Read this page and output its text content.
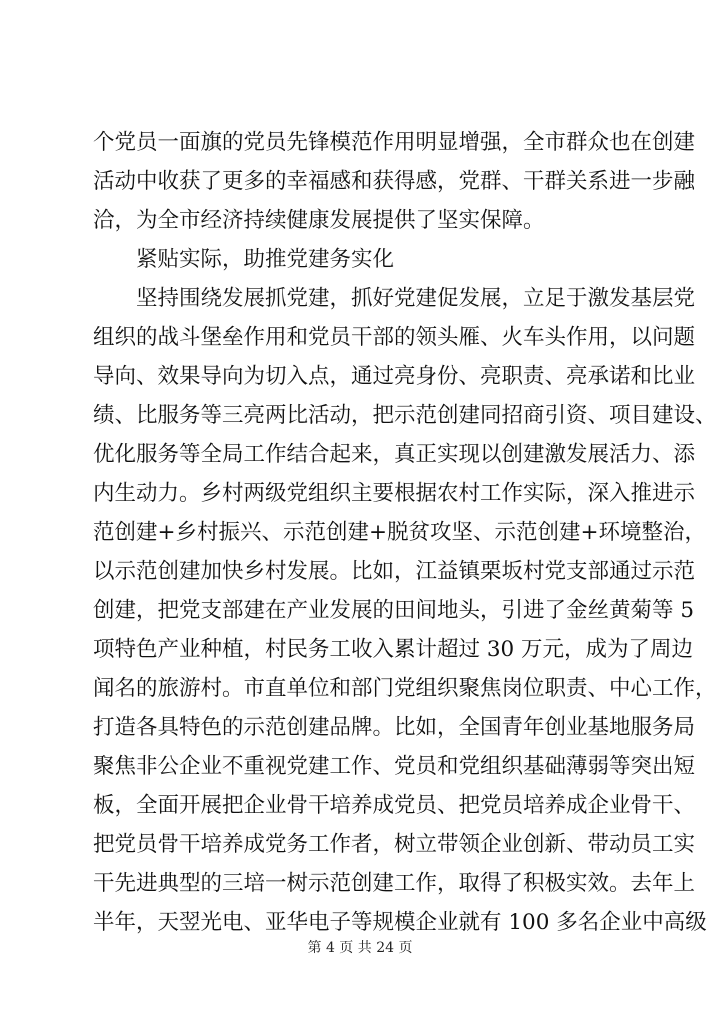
个党员一面旗的党员先锋模范作用明显增强，全市群众也在创建
活动中收获了更多的幸福感和获得感，党群、干群关系进一步融
洽，为全市经济持续健康发展提供了坚实保障。
紧贴实际，助推党建务实化
坚持围绕发展抓党建，抓好党建促发展，立足于激发基层党
组织的战斗堡垒作用和党员干部的领头雁、火车头作用，以问题
导向、效果导向为切入点，通过亮身份、亮职责、亮承诺和比业
绩、比服务等三亮两比活动，把示范创建同招商引资、项目建设、
优化服务等全局工作结合起来，真正实现以创建激发展活力、添
内生动力。乡村两级党组织主要根据农村工作实际，深入推进示
范创建+乡村振兴、示范创建+脱贫攻坚、示范创建+环境整治，
以示范创建加快乡村发展。比如，江益镇栗坂村党支部通过示范
创建，把党支部建在产业发展的田间地头，引进了金丝黄菊等 5
项特色产业种植，村民务工收入累计超过 30 万元，成为了周边
闻名的旅游村。市直单位和部门党组织聚焦岗位职责、中心工作，
打造各具特色的示范创建品牌。比如，全国青年创业基地服务局
聚焦非公企业不重视党建工作、党员和党组织基础薄弱等突出短
板，全面开展把企业骨干培养成党员、把党员培养成企业骨干、
把党员骨干培养成党务工作者，树立带领企业创新、带动员工实
干先进典型的三培一树示范创建工作，取得了积极实效。去年上
半年，天翌光电、亚华电子等规模企业就有 100 多名企业中高级
第 4 页 共 24 页
